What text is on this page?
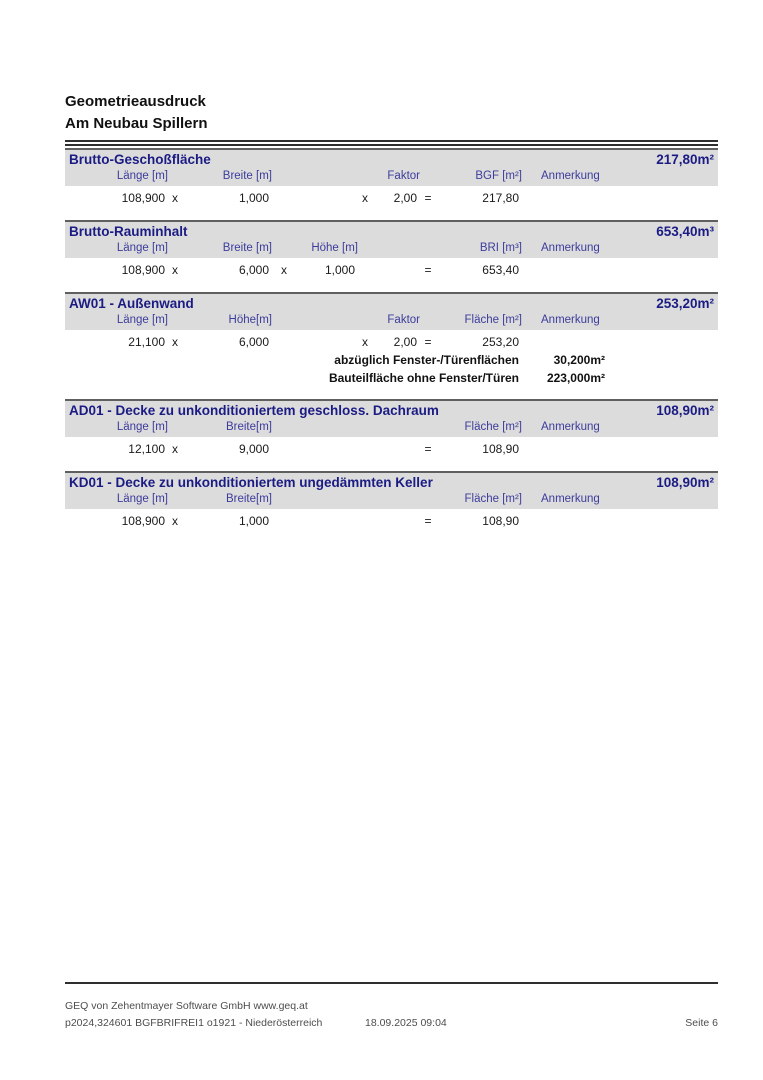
Geometrieausdruck
Am Neubau Spillern
Brutto-Geschoßfläche	217,80m²
Länge [m]	Breite [m]	Faktor	BGF [m²]	Anmerkung
108,900 x	1,000	x	2,00 =	217,80
Brutto-Rauminhalt	653,40m³
Länge [m]	Breite [m]	Höhe [m]	BRI [m³]	Anmerkung
108,900 x	6,000	x	1,000	=	653,40
AW01 - Außenwand	253,20m²
Länge [m]	Höhe[m]	Faktor	Fläche [m²]	Anmerkung
21,100 x	6,000	x	2,00 =	253,20
abzüglich Fenster-/Türenflächen	30,200m²
Bauteilfläche ohne Fenster/Türen	223,000m²
AD01 - Decke zu unkonditioniertem geschloss. Dachraum	108,90m²
Länge [m]	Breite[m]	Fläche [m²]	Anmerkung
12,100 x	9,000	=	108,90
KD01 - Decke zu unkonditioniertem ungedämmten Keller	108,90m²
Länge [m]	Breite[m]	Fläche [m²]	Anmerkung
108,900 x	1,000	=	108,90
GEQ von Zehentmayer Software GmbH www.geq.at
p2024,324601 BGFBRIFREI1 o1921 - Niederösterreich	18.09.2025 09:04	Seite 6
